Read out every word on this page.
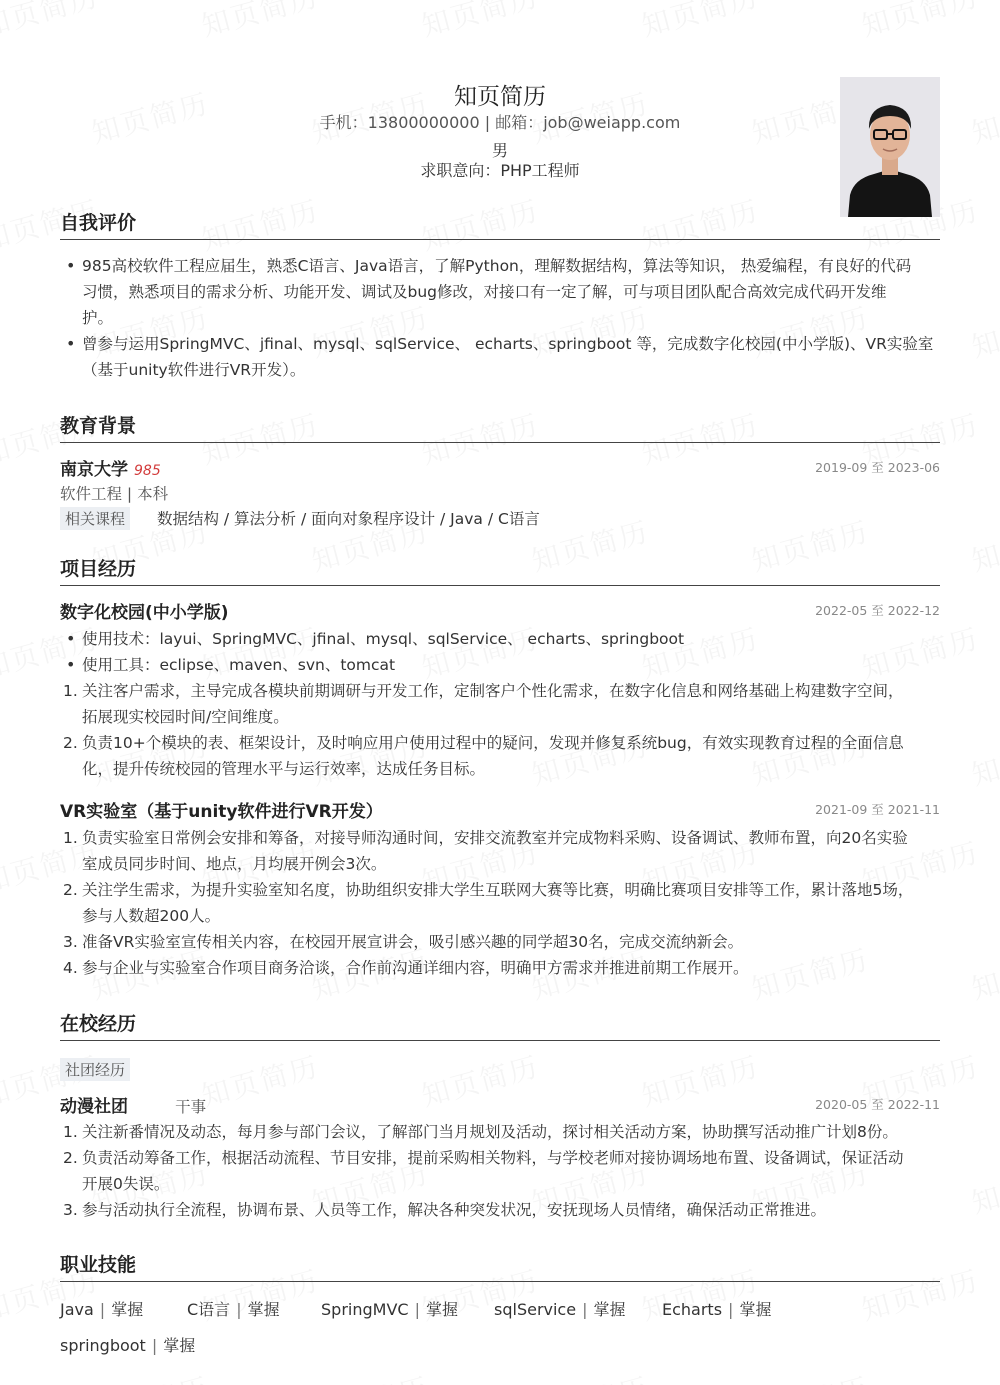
知页简历
手机：13800000000 | 邮箱：job@weiapp.com
男
求职意向：PHP工程师
自我评价
• 985高校软件工程应届生，熟悉C语言、Java语言，了解Python，理解数据结构，算法等知识， 热爱编程，有良好的代码
习惯，熟悉项目的需求分析、功能开发、调试及bug修改，对接口有一定了解，可与项目团队配合高效完成代码开发维
护。
• 曾参与运用SpringMVC、jfinal、mysql、sqlService、 echarts、springboot 等，完成数字化校园(中小学版)、VR实验室
（基于unity软件进行VR开发）。
教育背景
南京大学 985	2019-09 至 2023-06
软件工程 | 本科
相关课程 数据结构 / 算法分析 / 面向对象程序设计 / Java / C语言
项目经历
数字化校园(中小学版)	2022-05 至 2022-12
• 使用技术：layui、SpringMVC、jfinal、mysql、sqlService、 echarts、springboot
• 使用工具：eclipse、maven、svn、tomcat
1. 关注客户需求，主导完成各模块前期调研与开发工作，定制客户个性化需求，在数字化信息和网络基础上构建数字空间，
拓展现实校园时间/空间维度。
2. 负责10+个模块的表、框架设计，及时响应用户使用过程中的疑问，发现并修复系统bug，有效实现教育过程的全面信息
化，提升传统校园的管理水平与运行效率，达成任务目标。
VR实验室（基于unity软件进行VR开发）	2021-09 至 2021-11
1. 负责实验室日常例会安排和筹备，对接导师沟通时间，安排交流教室并完成物料采购、设备调试、教师布置，向20名实验
室成员同步时间、地点，月均展开例会3次。
2. 关注学生需求，为提升实验室知名度，协助组织安排大学生互联网大赛等比赛，明确比赛项目安排等工作，累计落地5场，
参与人数超200人。
3. 准备VR实验室宣传相关内容，在校园开展宣讲会，吸引感兴趣的同学超30名，完成交流纳新会。
4. 参与企业与实验室合作项目商务洽谈，合作前沟通详细内容，明确甲方需求并推进前期工作展开。
在校经历
社团经历
动漫社团	干事	2020-05 至 2022-11
1. 关注新番情况及动态，每月参与部门会议，了解部门当月规划及活动，探讨相关活动方案，协助撰写活动推广计划8份。
2. 负责活动筹备工作，根据活动流程、节目安排，提前采购相关物料，与学校老师对接协调场地布置、设备调试，保证活动
开展0失误。
3. 参与活动执行全流程，协调布景、人员等工作，解决各种突发状况，安抚现场人员情绪，确保活动正常推进。
职业技能
Java | 掌握	C语言 | 掌握	SpringMVC | 掌握 sqlService | 掌握 Echarts | 掌握
springboot | 掌握
